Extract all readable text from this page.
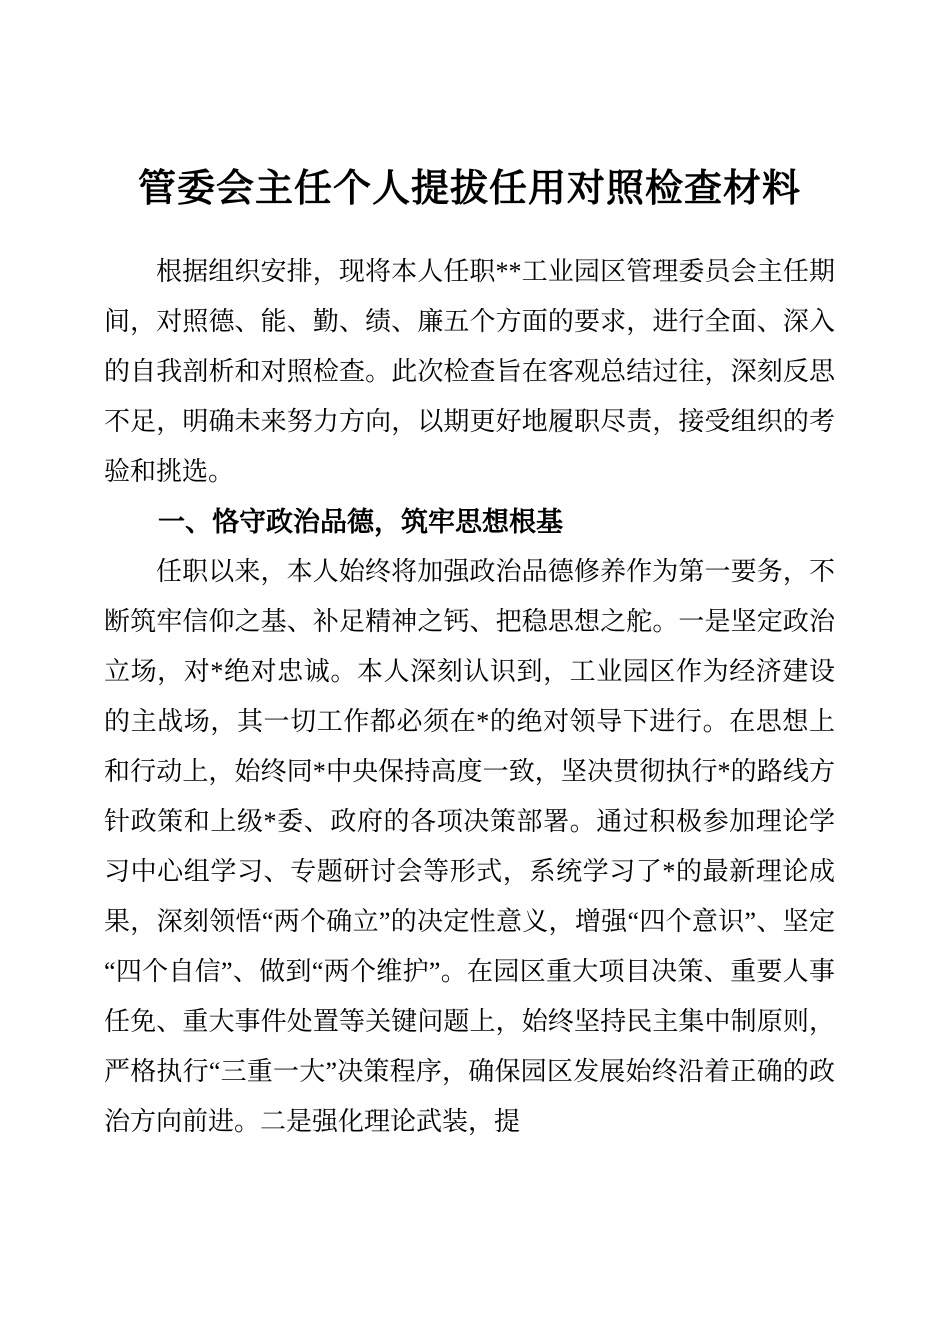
管委会主任个人提拔任用对照检查材料

根据组织安排，现将本人任职**工业园区管理委员会主任期间，对照德、能、勤、绩、廉五个方面的要求，进行全面、深入的自我剖析和对照检查。此次检查旨在客观总结过往，深刻反思不足，明确未来努力方向，以期更好地履职尽责，接受组织的考验和挑选。

一、恪守政治品德，筑牢思想根基

任职以来，本人始终将加强政治品德修养作为第一要务，不断筑牢信仰之基、补足精神之钙、把稳思想之舵。一是坚定政治立场，对*绝对忠诚。本人深刻认识到，工业园区作为经济建设的主战场，其一切工作都必须在*的绝对领导下进行。在思想上和行动上，始终同*中央保持高度一致，坚决贯彻执行*的路线方针政策和上级*委、政府的各项决策部署。通过积极参加理论学习中心组学习、专题研讨会等形式，系统学习了*的最新理论成果，深刻领悟“两个确立”的决定性意义，增强“四个意识”、坚定“四个自信”、做到“两个维护”。在园区重大项目决策、重要人事任免、重大事件处置等关键问题上，始终坚持民主集中制原则，严格执行“三重一大”决策程序，确保园区发展始终沿着正确的政治方向前进。二是强化理论武装，提
